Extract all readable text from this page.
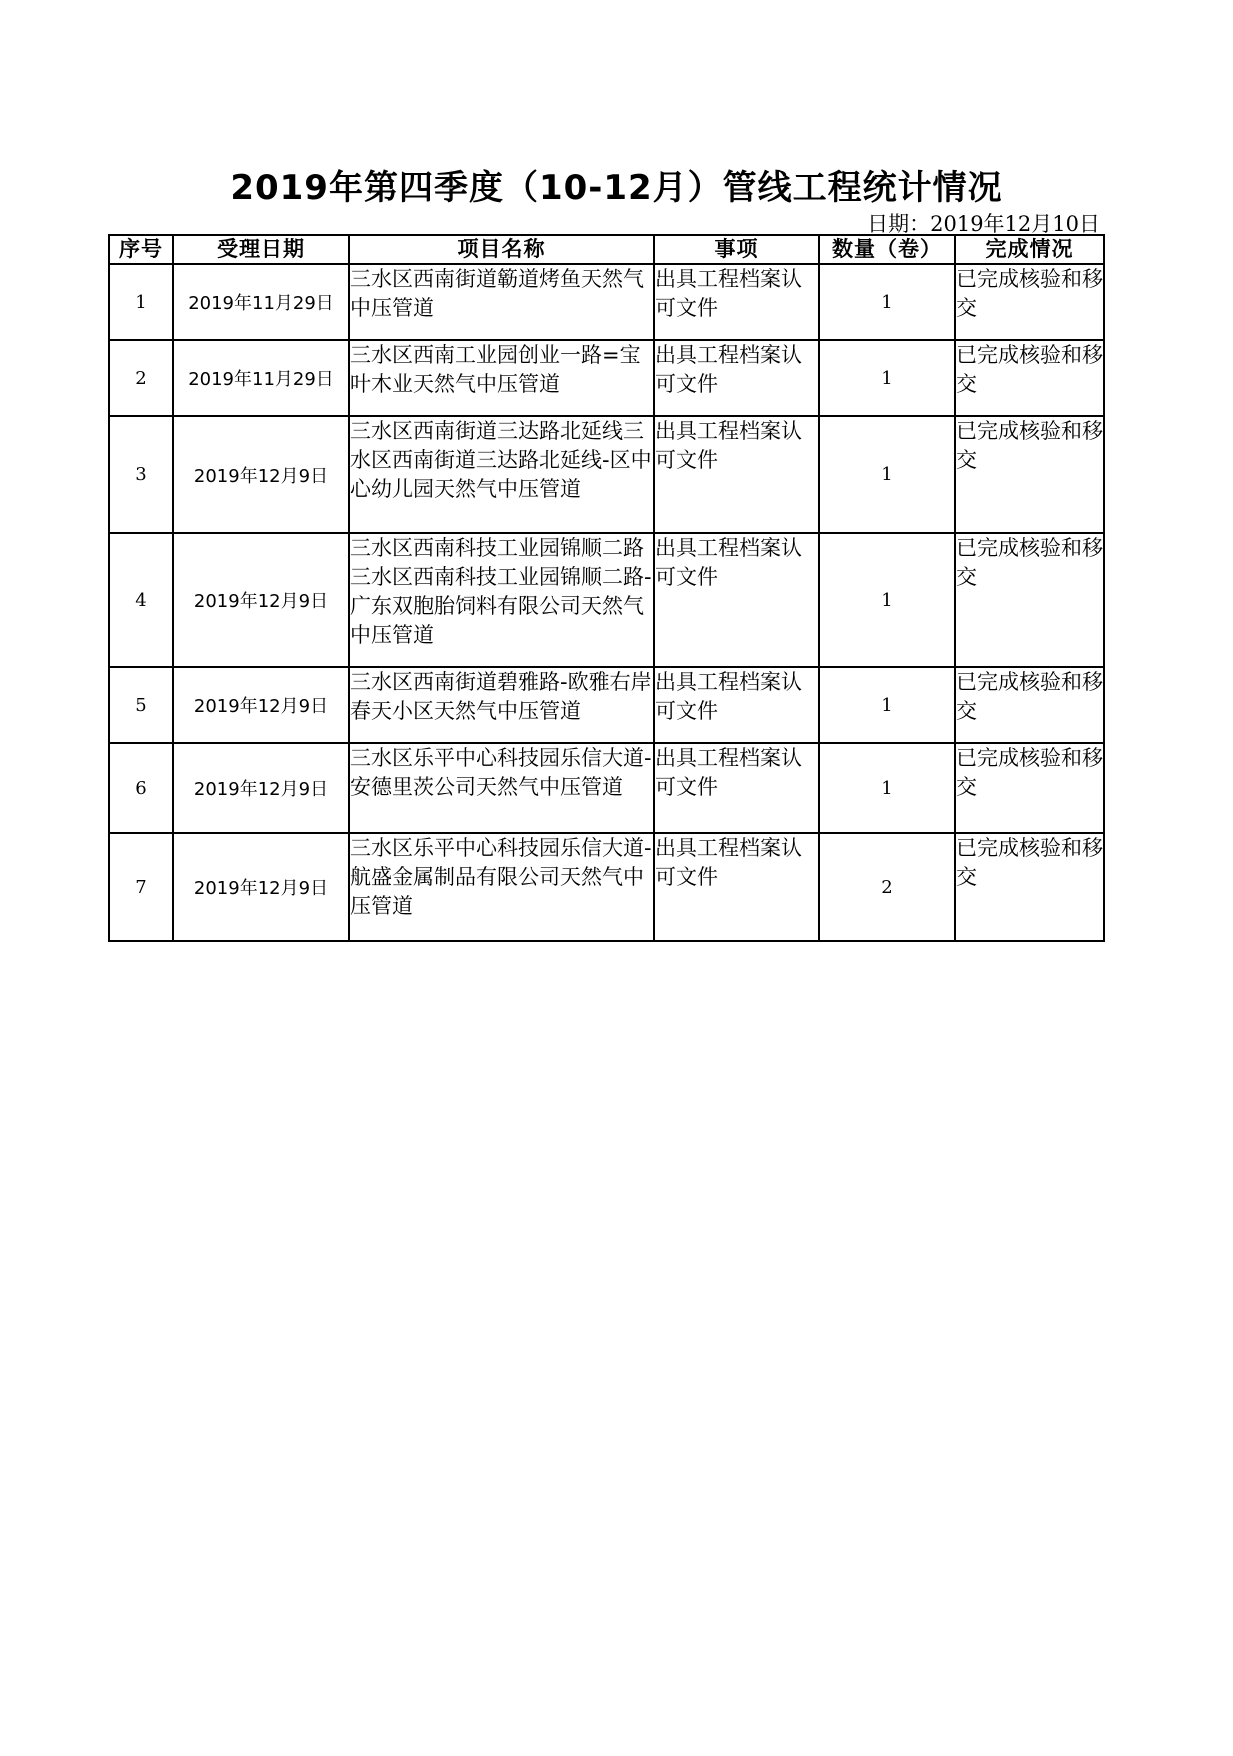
2019年第四季度（10-12月）管线工程统计情况
日期：2019年12月10日
序号	受理日期	项目名称	事项	数量（卷）	完成情况
1	2019年11月29日	三水区西南街道簕道烤鱼天然气中压管道	出具工程档案认可文件	1	已完成核验和移交
2	2019年11月29日	三水区西南工业园创业一路=宝叶木业天然气中压管道	出具工程档案认可文件	1	已完成核验和移交
3	2019年12月9日	三水区西南街道三达路北延线三水区西南街道三达路北延线-区中心幼儿园天然气中压管道	出具工程档案认可文件	1	已完成核验和移交
4	2019年12月9日	三水区西南科技工业园锦顺二路三水区西南科技工业园锦顺二路-广东双胞胎饲料有限公司天然气中压管道	出具工程档案认可文件	1	已完成核验和移交
5	2019年12月9日	三水区西南街道碧雅路-欧雅右岸春天小区天然气中压管道	出具工程档案认可文件	1	已完成核验和移交
6	2019年12月9日	三水区乐平中心科技园乐信大道-安德里茨公司天然气中压管道	出具工程档案认可文件	1	已完成核验和移交
7	2019年12月9日	三水区乐平中心科技园乐信大道-航盛金属制品有限公司天然气中压管道	出具工程档案认可文件	2	已完成核验和移交
